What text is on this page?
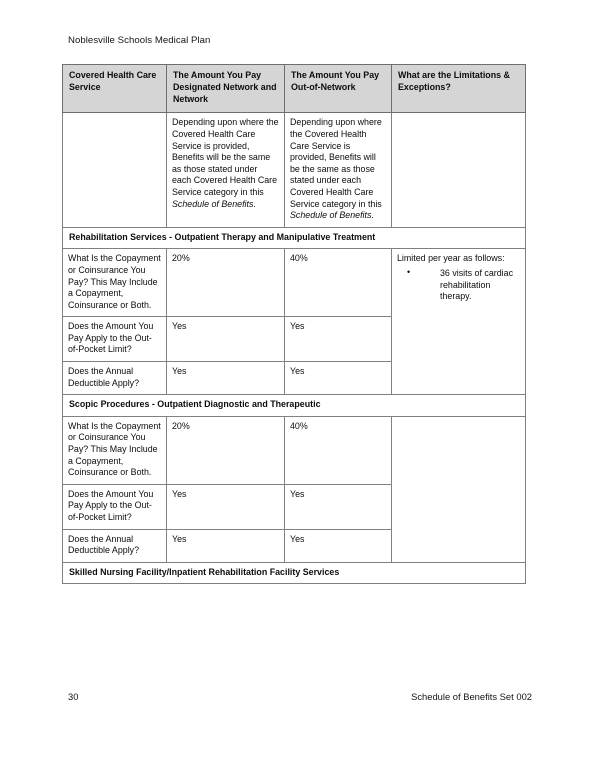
Noblesville Schools Medical Plan
Covered Health Care Service	The Amount You Pay Designated Network and Network	The Amount You Pay Out-of-Network	What are the Limitations & Exceptions?
	Depending upon where the Covered Health Care Service is provided, Benefits will be the same as those stated under each Covered Health Care Service category in this Schedule of Benefits.	Depending upon where the Covered Health Care Service is provided, Benefits will be the same as those stated under each Covered Health Care Service category in this Schedule of Benefits.	
Rehabilitation Services - Outpatient Therapy and Manipulative Treatment			
What Is the Copayment or Coinsurance You Pay? This May Include a Copayment, Coinsurance or Both.	20%	40%	Limited per year as follows:

•	36 visits of cardiac rehabilitation therapy.

Does the Amount You Pay Apply to the Out-of-Pocket Limit?	Yes	Yes	
Does the Annual Deductible Apply?	Yes	Yes	
Scopic Procedures - Outpatient Diagnostic and Therapeutic			
What Is the Copayment or Coinsurance You Pay? This May Include a Copayment, Coinsurance or Both.	20%	40%	
Does the Amount You Pay Apply to the Out-of-Pocket Limit?	Yes	Yes	
Does the Annual Deductible Apply?	Yes	Yes	
Skilled Nursing Facility/Inpatient Rehabilitation Facility Services			
30	Schedule of Benefits Set 002
